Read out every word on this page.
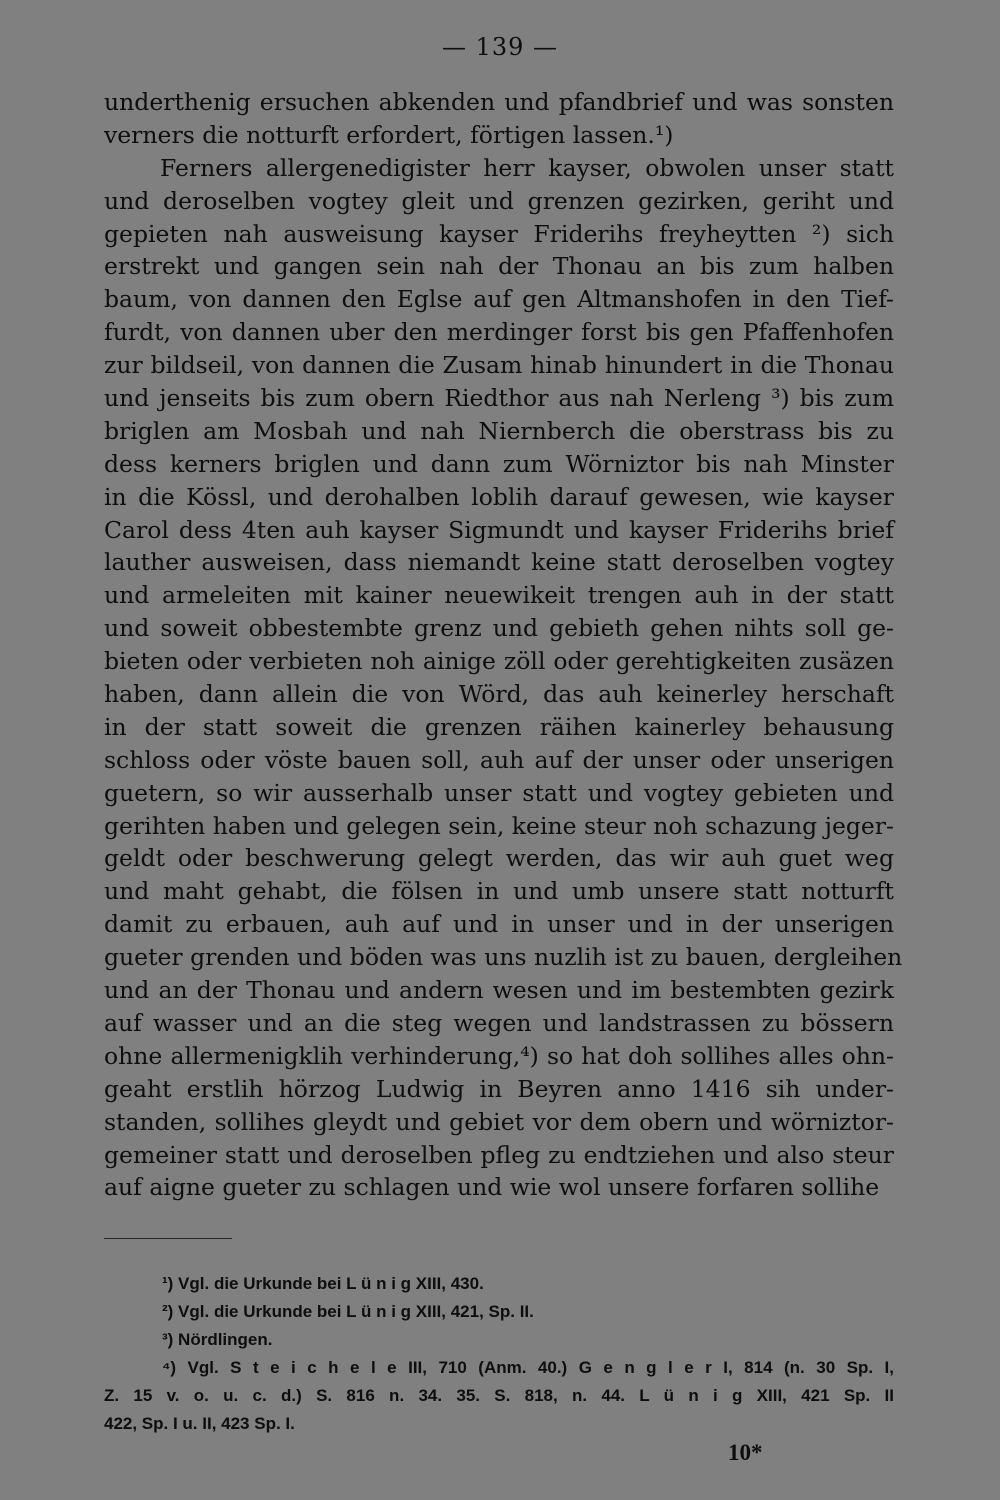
— 139 —
underthenig ersuchen abkenden und pfandbrief und was sonsten
verners die notturft erfordert, förtigen lassen.¹)
Ferners allergenedigister herr kayser, obwolen unser statt
und deroselben vogtey gleit und grenzen gezirken, geriht und
gepieten nah ausweisung kayser Friderihs freyheytten ²) sich
erstrekt und gangen sein nah der Thonau an bis zum halben
baum, von dannen den Eglse auf gen Altmanshofen in den Tief-
furdt, von dannen uber den merdinger forst bis gen Pfaffenhofen
zur bildseil, von dannen die Zusam hinab hinundert in die Thonau
und jenseits bis zum obern Riedthor aus nah Nerleng ³) bis zum
briglen am Mosbah und nah Niernberch die oberstrass bis zu
dess kerners briglen und dann zum Wörniztor bis nah Minster
in die Kössl, und derohalben loblih darauf gewesen, wie kayser
Carol dess 4ten auh kayser Sigmundt und kayser Friderihs brief
lauther ausweisen, dass niemandt keine statt deroselben vogtey
und armeleiten mit kainer neuewikeit trengen auh in der statt
und soweit obbestembte grenz und gebieth gehen nihts soll ge-
bieten oder verbieten noh ainige zöll oder gerehtigkeiten zusäzen
haben, dann allein die von Wörd, das auh keinerley herschaft
in der statt soweit die grenzen räihen kainerley behausung
schloss oder vöste bauen soll, auh auf der unser oder unserigen
guetern, so wir ausserhalb unser statt und vogtey gebieten und
gerihten haben und gelegen sein, keine steur noh schazung jeger-
geldt oder beschwerung gelegt werden, das wir auh guet weg
und maht gehabt, die fölsen in und umb unsere statt notturft
damit zu erbauen, auh auf und in unser und in der unserigen
gueter grenden und böden was uns nuzlih ist zu bauen, dergleihen
und an der Thonau und andern wesen und im bestembten gezirk
auf wasser und an die steg wegen und landstrassen zu bössern
ohne allermenigklih verhinderung,⁴) so hat doh sollihes alles ohn-
geaht erstlih hörzog Ludwig in Beyren anno 1416 sih under-
standen, sollihes gleydt und gebiet vor dem obern und wörniztor-
gemeiner statt und deroselben pfleg zu endtziehen und also steur
auf aigne gueter zu schlagen und wie wol unsere forfaren sollihe
¹) Vgl. die Urkunde bei L ü n i g XIII, 430.
²) Vgl. die Urkunde bei L ü n i g XIII, 421, Sp. II.
³) Nördlingen.
⁴) Vgl. S t e i c h e l e III, 710 (Anm. 40.) G e n g l e r I, 814 (n. 30 Sp. I,
Z. 15 v. o. u. c. d.) S. 816 n. 34. 35. S. 818, n. 44. L ü n i g XIII, 421 Sp. II
422, Sp. I u. II, 423 Sp. I.
10*
